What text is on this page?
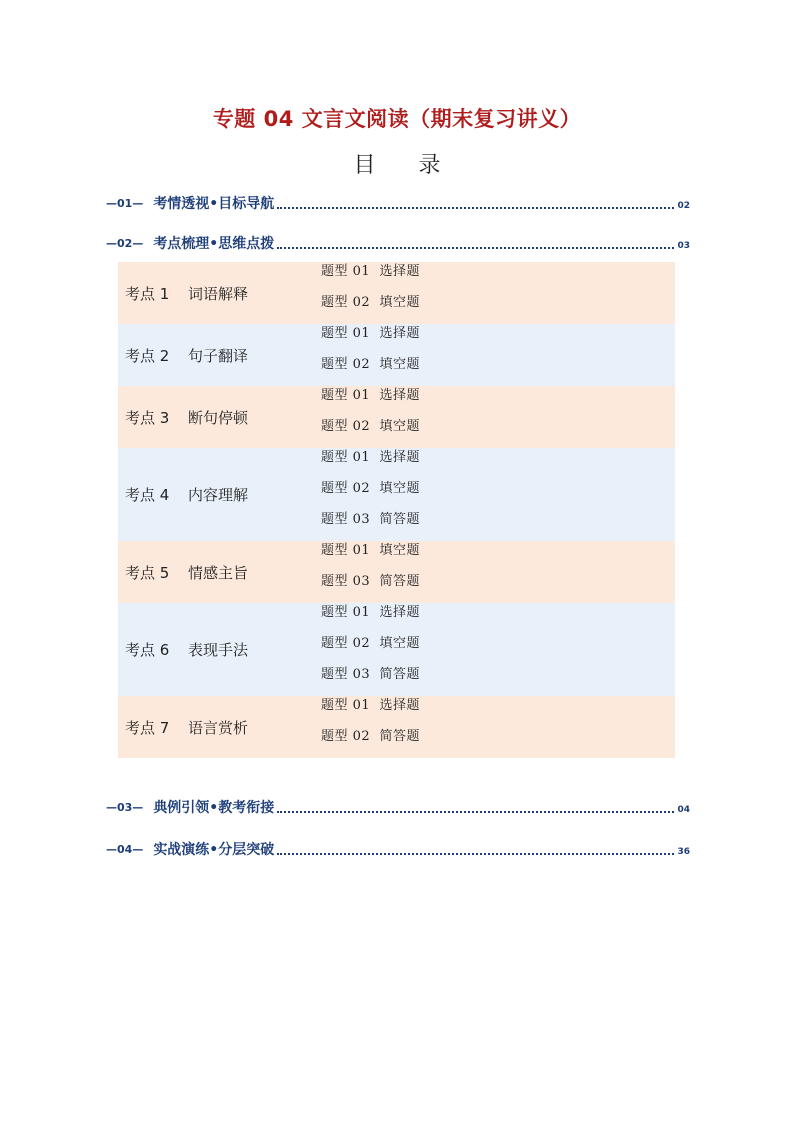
专题 04 文言文阅读（期末复习讲义）
目 录
—01— 考情透视•目标导航	02
—02— 考点梳理•思维点拨	03
考点 1	词语解释
题型 01  选择题
题型 02  填空题
考点 2	句子翻译
题型 01  选择题
题型 02  填空题
考点 3	断句停顿
题型 01  选择题
题型 02  填空题
考点 4	内容理解
题型 01  选择题
题型 02  填空题
题型 03  简答题
考点 5	情感主旨
题型 01  填空题
题型 03  简答题
考点 6	表现手法
题型 01  选择题
题型 02  填空题
题型 03  简答题
考点 7	语言赏析
题型 01  选择题
题型 02  简答题
—03— 典例引领•教考衔接	04
—04— 实战演练•分层突破	36
